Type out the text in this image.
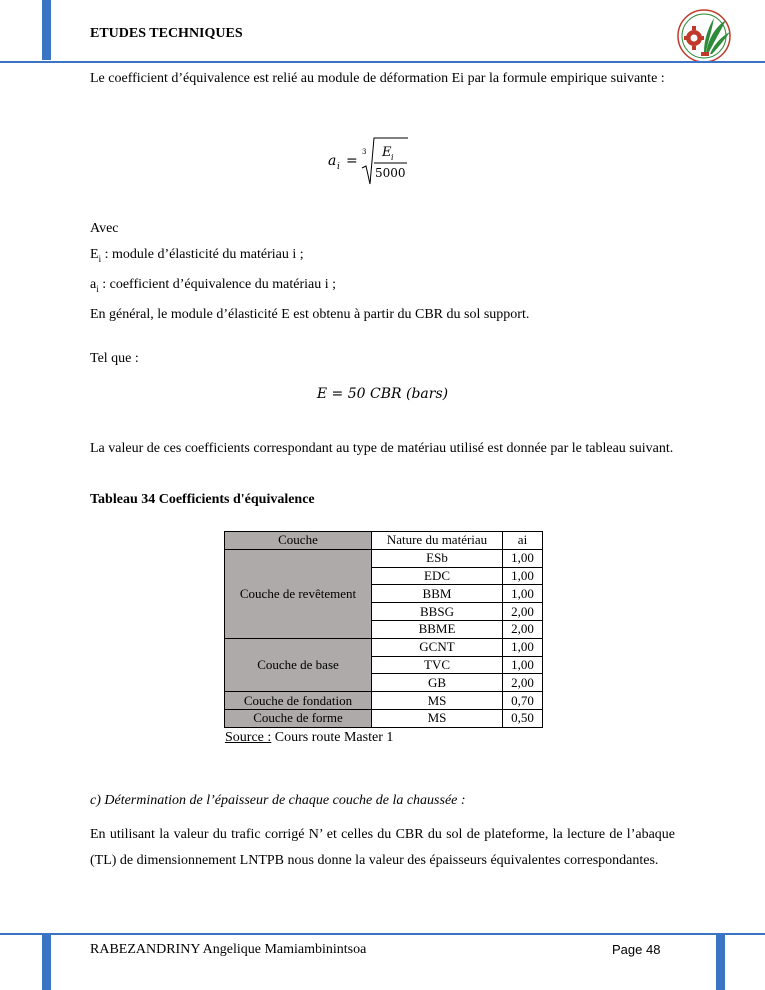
ETUDES TECHNIQUES

Le coefficient d’équivalence est relié au module de déformation Ei par la formule empirique suivante :

a i =
3 E i
5000

Avec

$E_i$ : module d’élasticité du matériau i ;

$a_i$ : coefficient d’équivalence du matériau i ;

En général, le module d’élasticité E est obtenu à partir du CBR du sol support.

Tel que :

E = 50 CBR (bars)

La valeur de ces coefficients correspondant au type de matériau utilisé est donnée par le tableau suivant.

Tableau 34 Coefficients d'équivalence
Couche	Nature du matériau	ai
Couche de revêtement	ESb	1,00
	EDC	1,00
	BBM	1,00
	BBSG	2,00
	BBME	2,00
Couche de base	GCNT	1,00
	TVC	1,00
	GB	2,00
Couche de fondation	MS	0,70
Couche de forme	MS	0,50
Source : Cours route Master 1
c) Détermination de l’épaisseur de chaque couche de la chaussée :

En utilisant la valeur du trafic corrigé N’ et celles du CBR du sol de plateforme, la lecture de l’abaque (TL) de dimensionnement LNTPB nous donne la valeur des épaisseurs équivalentes correspondantes.

RABEZANDRINY Angelique Mamiambinintsoa	Page 48
